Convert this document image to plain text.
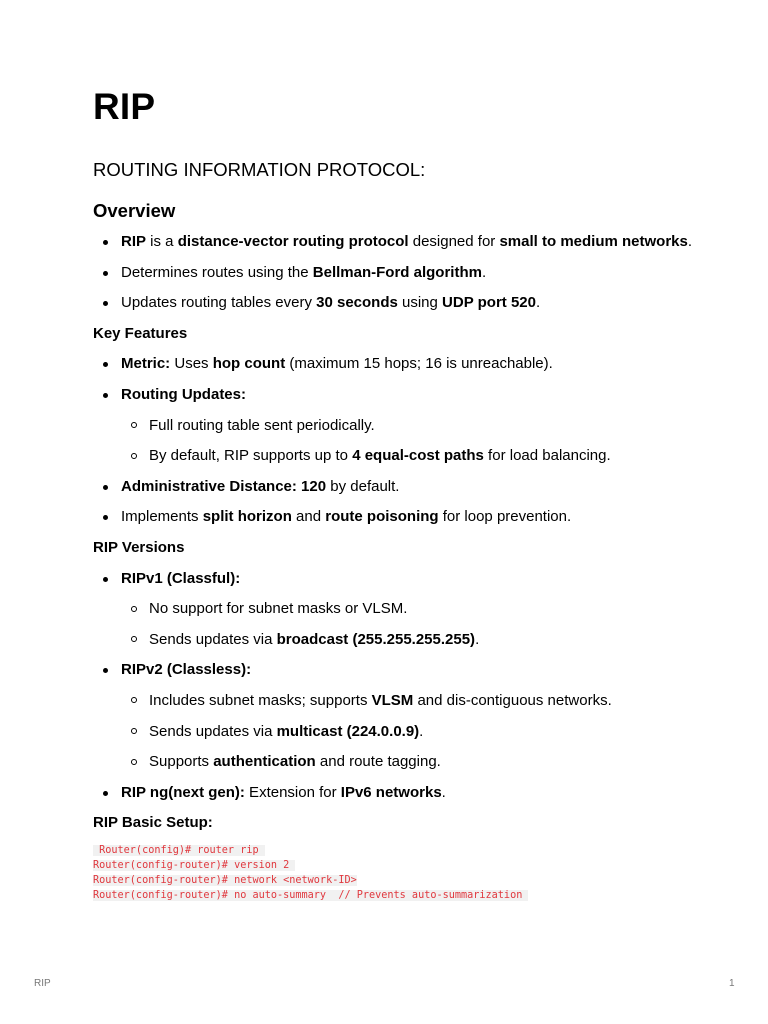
RIP
ROUTING INFORMATION PROTOCOL:
Overview
RIP is a distance-vector routing protocol designed for small to medium networks.
Determines routes using the Bellman-Ford algorithm.
Updates routing tables every 30 seconds using UDP port 520.
Key Features
Metric: Uses hop count (maximum 15 hops; 16 is unreachable).
Routing Updates:
Full routing table sent periodically.
By default, RIP supports up to 4 equal-cost paths for load balancing.
Administrative Distance: 120 by default.
Implements split horizon and route poisoning for loop prevention.
RIP Versions
RIPv1 (Classful):
No support for subnet masks or VLSM.
Sends updates via broadcast (255.255.255.255).
RIPv2 (Classless):
Includes subnet masks; supports VLSM and dis-contiguous networks.
Sends updates via multicast (224.0.0.9).
Supports authentication and route tagging.
RIP ng(next gen): Extension for IPv6 networks.
RIP Basic Setup:
Router(config)# router rip
Router(config-router)# version 2
Router(config-router)# network <network-ID>
Router(config-router)# no auto-summary  // Prevents auto-summarization
RIP	1
